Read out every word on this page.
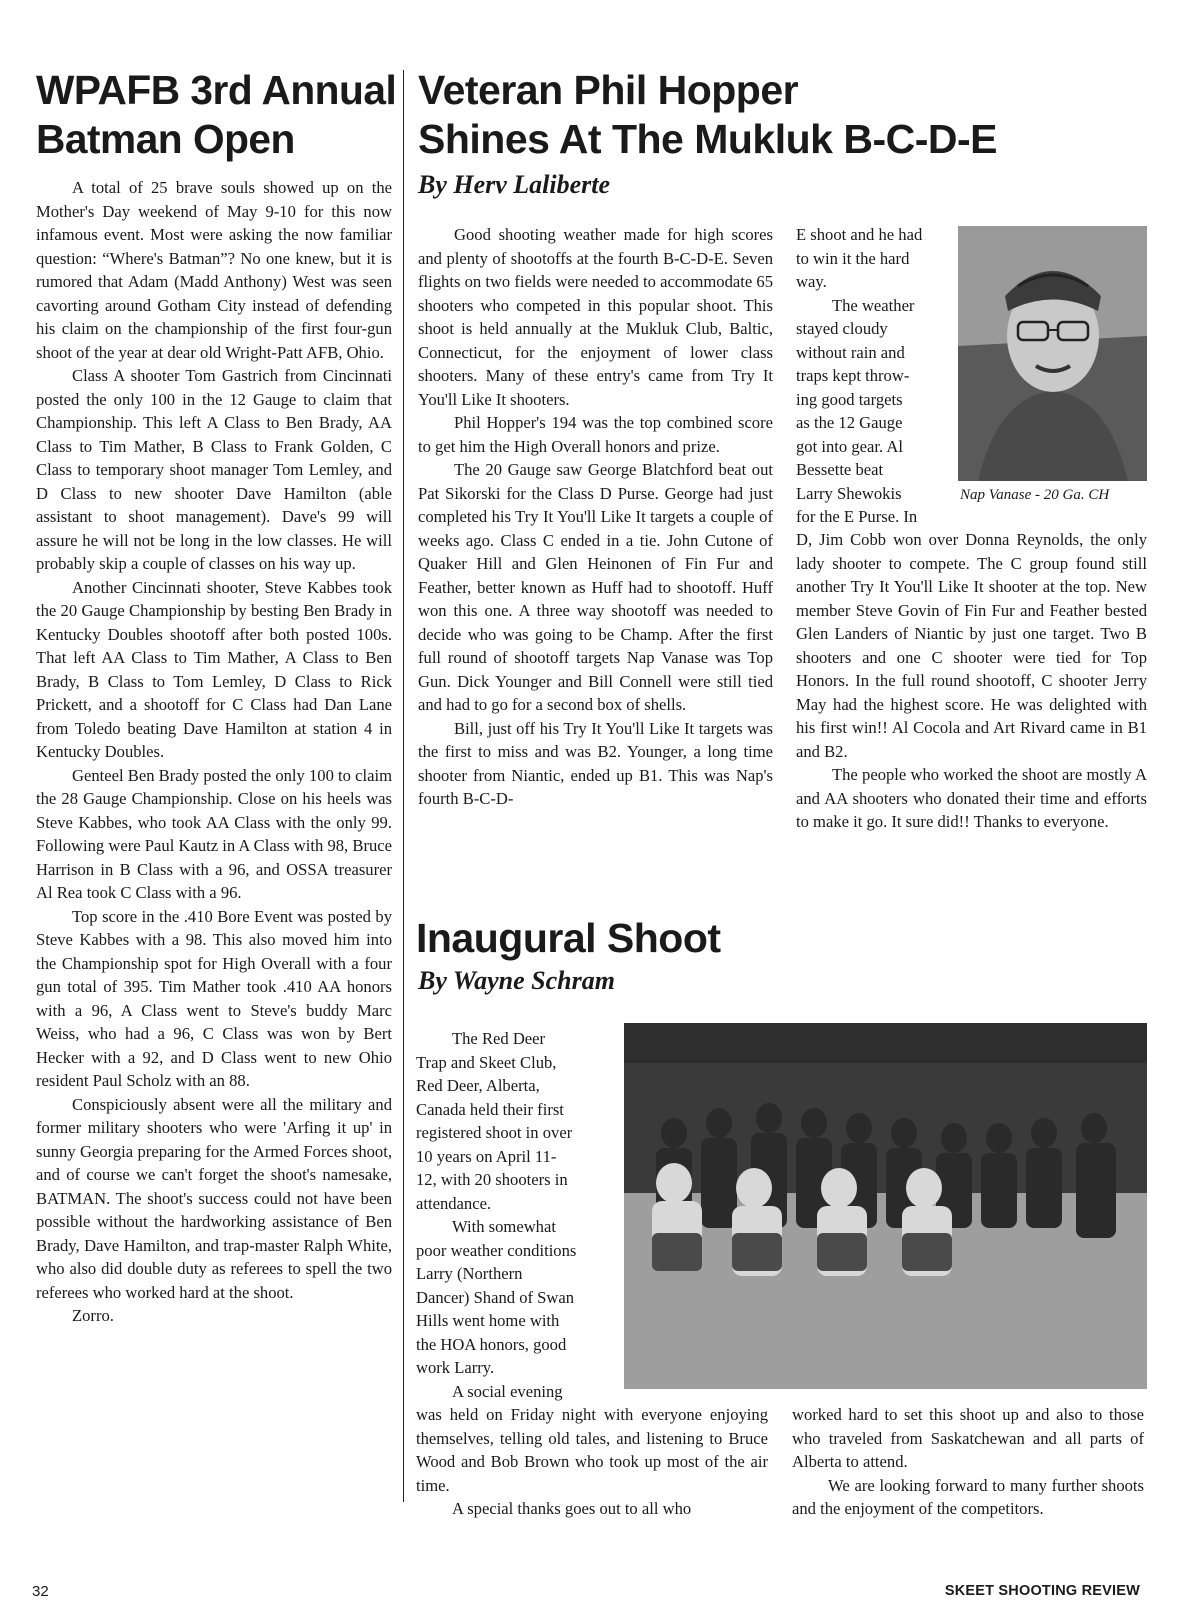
WPAFB 3rd Annual
Batman Open

A total of 25 brave souls showed up on the Mother's Day weekend of May 9-10 for this now infamous event. Most were asking the now familiar question: “Where's Batman”? No one knew, but it is rumored that Adam (Madd Anthony) West was seen cavorting around Gotham City instead of defending his claim on the championship of the first four-gun shoot of the year at dear old Wright-Patt AFB, Ohio.

Class A shooter Tom Gastrich from Cincinnati posted the only 100 in the 12 Gauge to claim that Championship. This left A Class to Ben Brady, AA Class to Tim Mather, B Class to Frank Golden, C Class to temporary shoot manager Tom Lemley, and D Class to new shooter Dave Hamilton (able assistant to shoot management). Dave's 99 will assure he will not be long in the low classes. He will probably skip a couple of classes on his way up.

Another Cincinnati shooter, Steve Kabbes took the 20 Gauge Championship by besting Ben Brady in Kentucky Doubles shootoff after both posted 100s. That left AA Class to Tim Mather, A Class to Ben Brady, B Class to Tom Lemley, D Class to Rick Prickett, and a shootoff for C Class had Dan Lane from Toledo beating Dave Hamilton at station 4 in Kentucky Doubles.

Genteel Ben Brady posted the only 100 to claim the 28 Gauge Championship. Close on his heels was Steve Kabbes, who took AA Class with the only 99. Following were Paul Kautz in A Class with 98, Bruce Harrison in B Class with a 96, and OSSA treasurer Al Rea took C Class with a 96.

Top score in the .410 Bore Event was posted by Steve Kabbes with a 98. This also moved him into the Championship spot for High Overall with a four gun total of 395. Tim Mather took .410 AA honors with a 96, A Class went to Steve's buddy Marc Weiss, who had a 96, C Class was won by Bert Hecker with a 92, and D Class went to new Ohio resident Paul Scholz with an 88.

Conspiciously absent were all the military and former military shooters who were 'Arfing it up' in sunny Georgia preparing for the Armed Forces shoot, and of course we can't forget the shoot's namesake, BATMAN. The shoot's success could not have been possible without the hardworking assistance of Ben Brady, Dave Hamilton, and trap-master Ralph White, who also did double duty as referees to spell the two referees who worked hard at the shoot.

Zorro.

Veteran Phil Hopper
Shines At The Mukluk B-C-D-E
By Herv Laliberte

Good shooting weather made for high scores and plenty of shootoffs at the fourth B-C-D-E. Seven flights on two fields were needed to accommodate 65 shooters who competed in this popular shoot. This shoot is held annually at the Mukluk Club, Baltic, Connecticut, for the enjoyment of lower class shooters. Many of these entry's came from Try It You'll Like It shooters.

Phil Hopper's 194 was the top combined score to get him the High Overall honors and prize.

The 20 Gauge saw George Blatchford beat out Pat Sikorski for the Class D Purse. George had just completed his Try It You'll Like It targets a couple of weeks ago. Class C ended in a tie. John Cutone of Quaker Hill and Glen Heinonen of Fin Fur and Feather, better known as Huff had to shootoff. Huff won this one. A three way shootoff was needed to decide who was going to be Champ. After the first full round of shootoff targets Nap Vanase was Top Gun. Dick Younger and Bill Connell were still tied and had to go for a second box of shells.

Bill, just off his Try It You'll Like It targets was the first to miss and was B2. Younger, a long time shooter from Niantic, ended up B1. This was Nap's fourth B-C-D-

E shoot and he had
to win it the hard
way.
The weather
stayed cloudy
without rain and
traps kept throw-
ing good targets
as the 12 Gauge
got into gear. Al
Bessette beat
Larry Shewokis
for the E Purse. In

D, Jim Cobb won over Donna Reynolds, the only lady shooter to compete. The C group found still another Try It You'll Like It shooter at the top. New member Steve Govin of Fin Fur and Feather bested Glen Landers of Niantic by just one target. Two B shooters and one C shooter were tied for Top Honors. In the full round shootoff, C shooter Jerry May had the highest score. He was delighted with his first win!! Al Cocola and Art Rivard came in B1 and B2.

The people who worked the shoot are mostly A and AA shooters who donated their time and efforts to make it go. It sure did!! Thanks to everyone.

Nap Vanase - 20 Ga. CH
Inaugural Shoot
By Wayne Schram
The Red Deer
Trap and Skeet Club,
Red Deer, Alberta,
Canada held their first
registered shoot in over
10 years on April 11-
12, with 20 shooters in
attendance.
With somewhat
poor weather conditions
Larry (Northern
Dancer) Shand of Swan
Hills went home with
the HOA honors, good
work Larry.
A social evening

was held on Friday night with everyone enjoying themselves, telling old tales, and listening to Bruce Wood and Bob Brown who took up most of the air time.

A special thanks goes out to all who

worked hard to set this shoot up and also to those who traveled from Saskatchewan and all parts of Alberta to attend.

We are looking forward to many further shoots and the enjoyment of the competitors.

32	SKEET SHOOTING REVIEW
